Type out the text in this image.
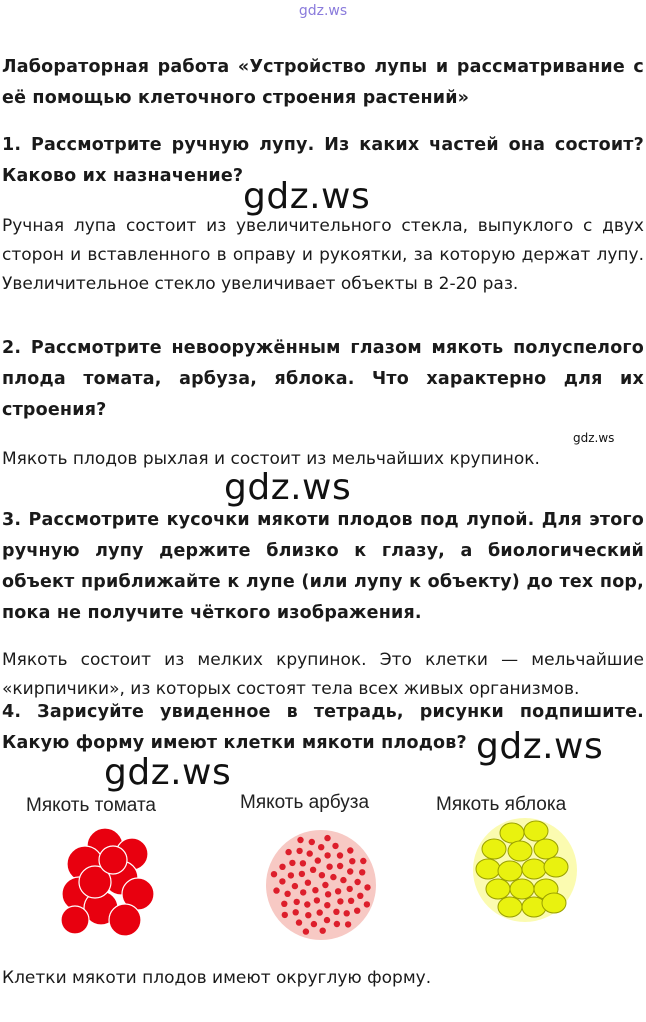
gdz.ws
Лабораторная работа «Устройство лупы и рассматривание с её помощью клеточного строения растений»
1. Рассмотрите ручную лупу. Из каких частей она состоит? Каково их назначение?
Ручная лупа состоит из увеличительного стекла, выпуклого с двух сторон и вставленного в оправу и рукоятки, за которую держат лупу. Увеличительное стекло увеличивает объекты в 2-20 раз.
2. Рассмотрите невооружённым глазом мякоть полуспелого плода томата, арбуза, яблока. Что характерно для их строения?
Мякоть плодов рыхлая и состоит из мельчайших крупинок.
3. Рассмотрите кусочки мякоти плодов под лупой. Для этого ручную лупу держите близко к глазу, а биологический объект приближайте к лупе (или лупу к объекту) до тех пор, пока не получите чёткого изображения.
Мякоть состоит из мелких крупинок. Это клетки — мельчайшие «кирпичики», из которых состоят тела всех живых организмов.
4. Зарисуйте увиденное в тетрадь, рисунки подпишите. Какую форму имеют клетки мякоти плодов?
gdz.ws
gdz.ws
gdz.ws
gdz.ws
gdz.ws
Мякоть томата	Мякоть арбуза	Мякоть яблока
Клетки мякоти плодов имеют округлую форму.
